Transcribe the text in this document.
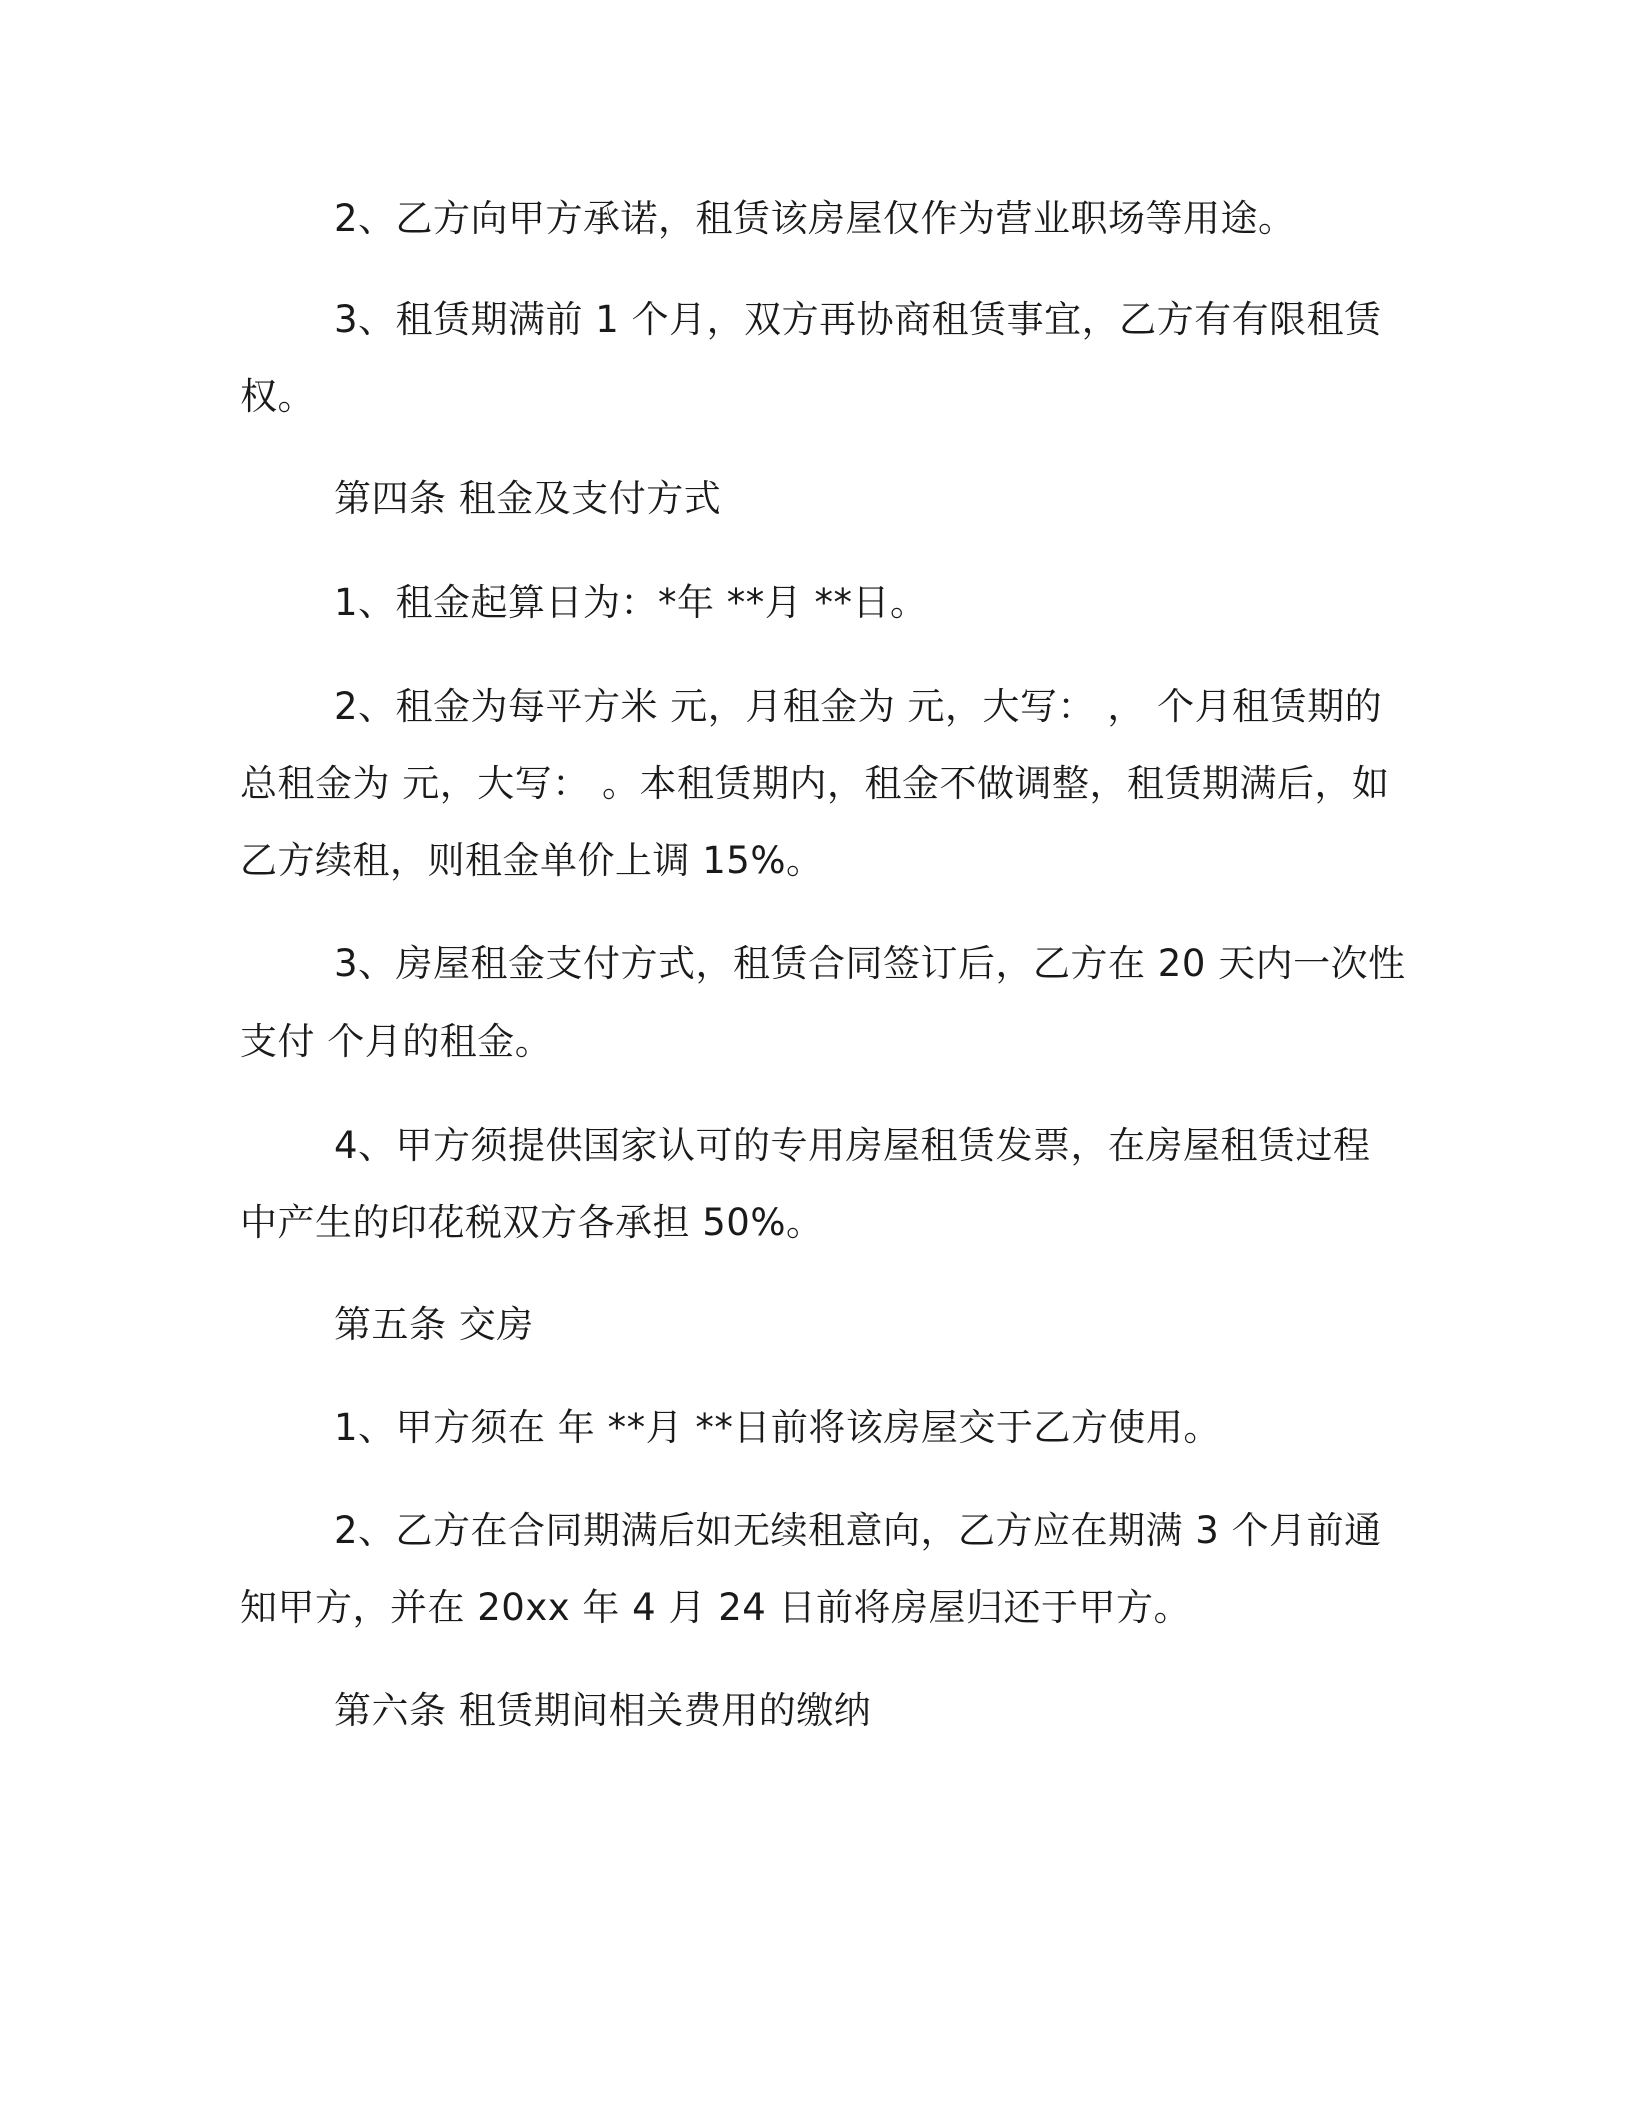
2、乙方向甲方承诺，租赁该房屋仅作为营业职场等用途。
3、租赁期满前 1 个月，双方再协商租赁事宜，乙方有有限租赁
权。
第四条 租金及支付方式
1、租金起算日为：*年 **月 **日。
2、租金为每平方米 元，月租金为 元，大写： ， 个月租赁期的
总租金为 元，大写： 。本租赁期内，租金不做调整，租赁期满后，如
乙方续租，则租金单价上调 15%。
3、房屋租金支付方式，租赁合同签订后，乙方在 20 天内一次性
支付 个月的租金。
4、甲方须提供国家认可的专用房屋租赁发票，在房屋租赁过程
中产生的印花税双方各承担 50%。
第五条 交房
1、甲方须在 年 **月 **日前将该房屋交于乙方使用。
2、乙方在合同期满后如无续租意向，乙方应在期满 3 个月前通
知甲方，并在 20xx 年 4 月 24 日前将房屋归还于甲方。
第六条 租赁期间相关费用的缴纳
